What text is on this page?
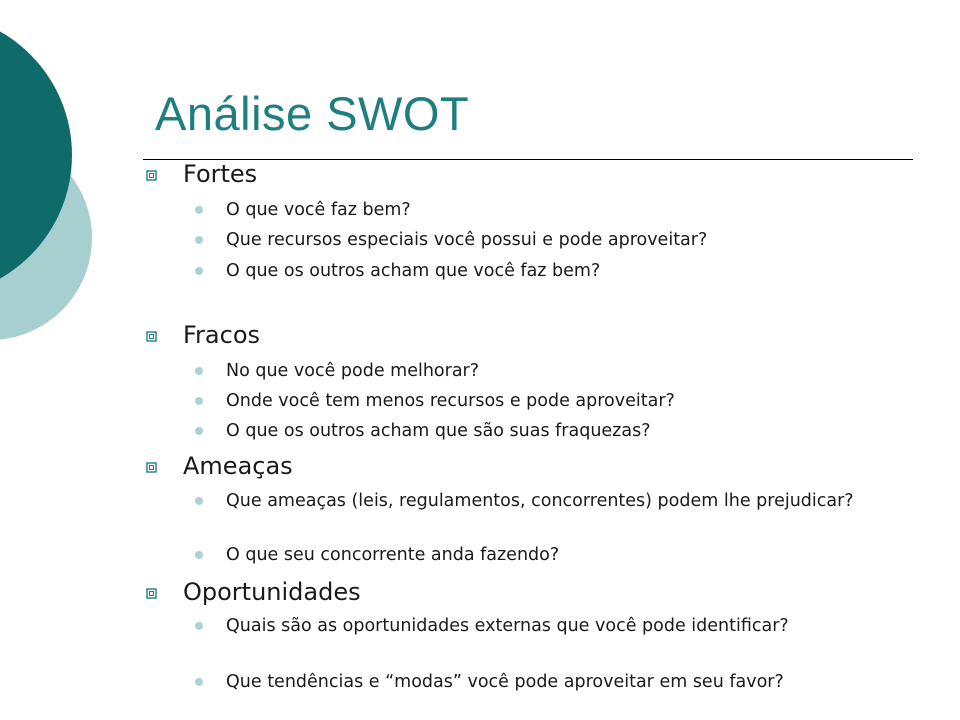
Análise SWOT
Fortes
O que você faz bem?
Que recursos especiais você possui e pode aproveitar?
O que os outros acham que você faz bem?
Fracos
No que você pode melhorar?
Onde você tem menos recursos e pode aproveitar?
O que os outros acham que são suas fraquezas?
Ameaças
Que ameaças (leis, regulamentos, concorrentes) podem lhe prejudicar?
O que seu concorrente anda fazendo?
Oportunidades
Quais são as oportunidades externas que você pode identificar?
Que tendências e “modas” você pode aproveitar em seu favor?
